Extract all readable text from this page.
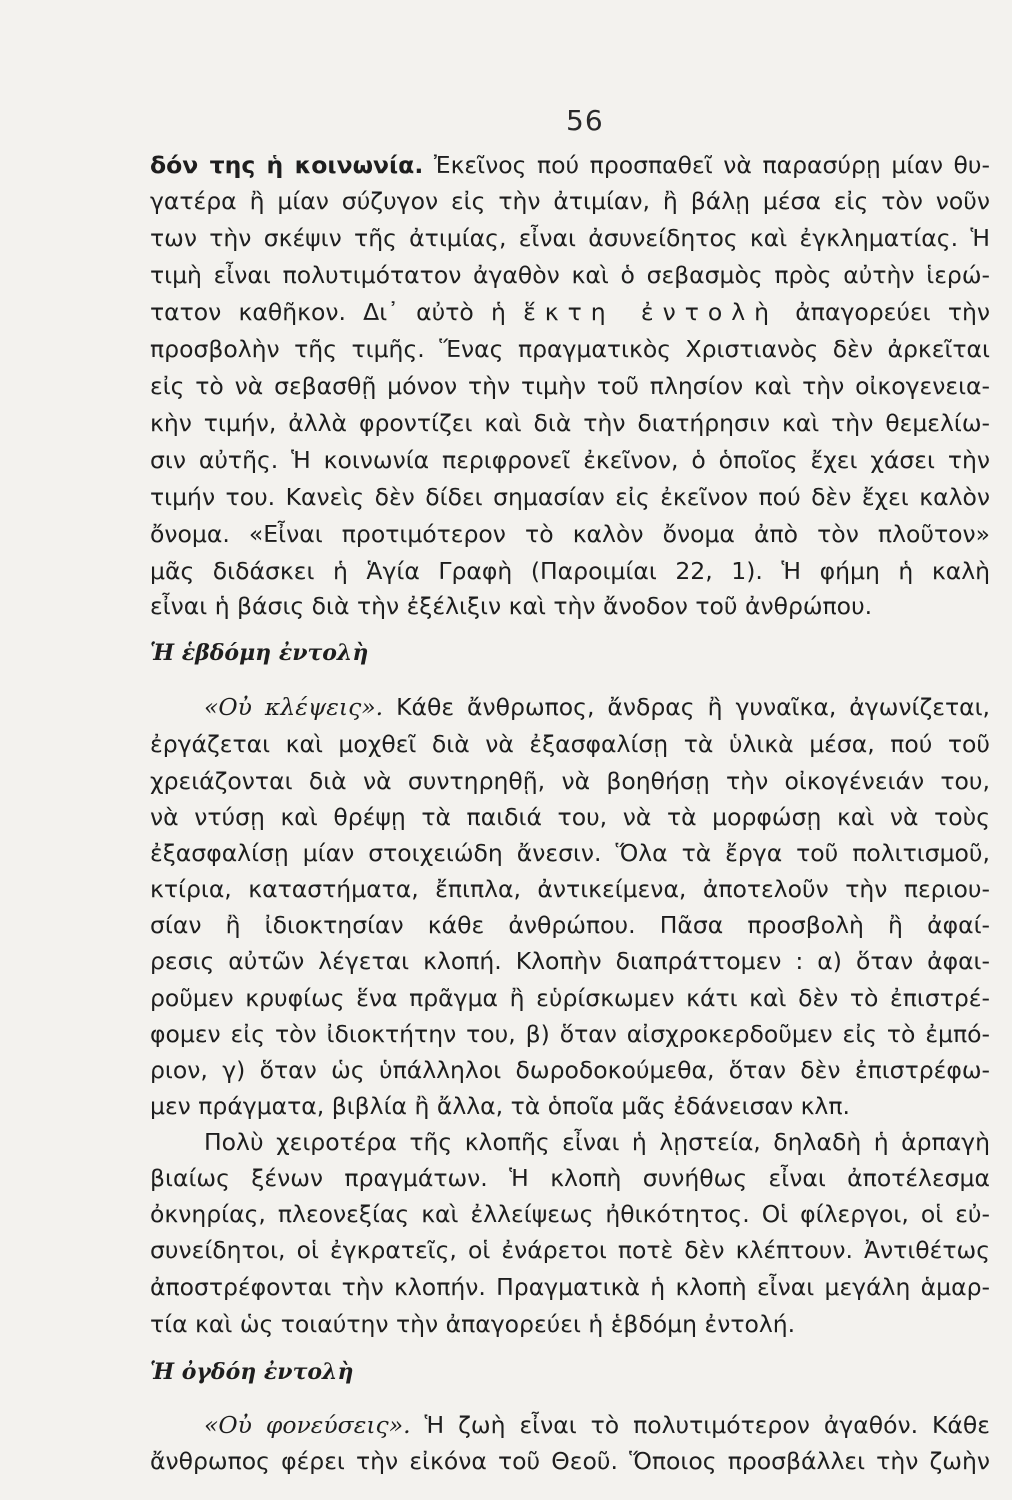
56
δόν της ἡ κοινωνία. Ἐκεῖνος πού προσπαθεῖ νὰ παρασύρῃ μίαν θυ-
γατέρα ἢ μίαν σύζυγον εἰς τὴν ἀτιμίαν, ἢ βάλῃ μέσα εἰς τὸν νοῦν
των τὴν σκέψιν τῆς ἀτιμίας, εἶναι ἀσυνείδητος καὶ ἐγκληματίας. Ἡ
τιμὴ εἶναι πολυτιμότατον ἀγαθὸν καὶ ὁ σεβασμὸς πρὸς αὐτὴν ἱερώ-
τατον καθῆκον. Δι᾿ αὐτὸ ἡ ἕκτη ἐντολὴ ἀπαγορεύει τὴν
προσβολὴν τῆς τιμῆς. Ἕνας πραγματικὸς Χριστιανὸς δὲν ἀρκεῖται
εἰς τὸ νὰ σεβασθῇ μόνον τὴν τιμὴν τοῦ πλησίον καὶ τὴν οἰκογενεια-
κὴν τιμήν, ἀλλὰ φροντίζει καὶ διὰ τὴν διατήρησιν καὶ τὴν θεμελίω-
σιν αὐτῆς. Ἡ κοινωνία περιφρονεῖ ἐκεῖνον, ὁ ὁποῖος ἔχει χάσει τὴν
τιμήν του. Κανεὶς δὲν δίδει σημασίαν εἰς ἐκεῖνον πού δὲν ἔχει καλὸν
ὄνομα. «Εἶναι προτιμότερον τὸ καλὸν ὄνομα ἀπὸ τὸν πλοῦτον»
μᾶς διδάσκει ἡ Ἁγία Γραφὴ (Παροιμίαι 22, 1). Ἡ φήμη ἡ καλὴ
εἶναι ἡ βάσις διὰ τὴν ἐξέλιξιν καὶ τὴν ἄνοδον τοῦ ἀνθρώπου.
Ἡ ἑβδόμη ἐντολὴ
«Οὐ κλέψεις». Κάθε ἄνθρωπος, ἄνδρας ἢ γυναῖκα, ἀγωνίζεται,
ἐργάζεται καὶ μοχθεῖ διὰ νὰ ἐξασφαλίσῃ τὰ ὑλικὰ μέσα, πού τοῦ
χρειάζονται διὰ νὰ συντηρηθῇ, νὰ βοηθήσῃ τὴν οἰκογένειάν του,
νὰ ντύσῃ καὶ θρέψῃ τὰ παιδιά του, νὰ τὰ μορφώσῃ καὶ νὰ τοὺς
ἐξασφαλίσῃ μίαν στοιχειώδη ἄνεσιν. Ὅλα τὰ ἔργα τοῦ πολιτισμοῦ,
κτίρια, καταστήματα, ἔπιπλα, ἀντικείμενα, ἀποτελοῦν τὴν περιου-
σίαν ἢ ἰδιοκτησίαν κάθε ἀνθρώπου. Πᾶσα προσβολὴ ἢ ἀφαί-
ρεσις αὐτῶν λέγεται κλοπή. Κλοπὴν διαπράττομεν : α) ὅταν ἀφαι-
ροῦμεν κρυφίως ἕνα πρᾶγμα ἢ εὑρίσκωμεν κάτι καὶ δὲν τὸ ἐπιστρέ-
φομεν εἰς τὸν ἰδιοκτήτην του, β) ὅταν αἰσχροκερδοῦμεν εἰς τὸ ἐμπό-
ριον, γ) ὅταν ὡς ὑπάλληλοι δωροδοκούμεθα, ὅταν δὲν ἐπιστρέφω-
μεν πράγματα, βιβλία ἢ ἄλλα, τὰ ὁποῖα μᾶς ἐδάνεισαν κλπ.
Πολὺ χειροτέρα τῆς κλοπῆς εἶναι ἡ λῃστεία, δηλαδὴ ἡ ἁρπαγὴ
βιαίως ξένων πραγμάτων. Ἡ κλοπὴ συνήθως εἶναι ἀποτέλεσμα
ὀκνηρίας, πλεονεξίας καὶ ἐλλείψεως ἠθικότητος. Οἱ φίλεργοι, οἱ εὐ-
συνείδητοι, οἱ ἐγκρατεῖς, οἱ ἐνάρετοι ποτὲ δὲν κλέπτουν. Ἀντιθέτως
ἀποστρέφονται τὴν κλοπήν. Πραγματικὰ ἡ κλοπὴ εἶναι μεγάλη ἁμαρ-
τία καὶ ὡς τοιαύτην τὴν ἀπαγορεύει ἡ ἑβδόμη ἐντολή.
Ἡ ὀγδόη ἐντολὴ
«Οὐ φονεύσεις». Ἡ ζωὴ εἶναι τὸ πολυτιμότερον ἀγαθόν. Κάθε
ἄνθρωπος φέρει τὴν εἰκόνα τοῦ Θεοῦ. Ὅποιος προσβάλλει τὴν ζωὴν
